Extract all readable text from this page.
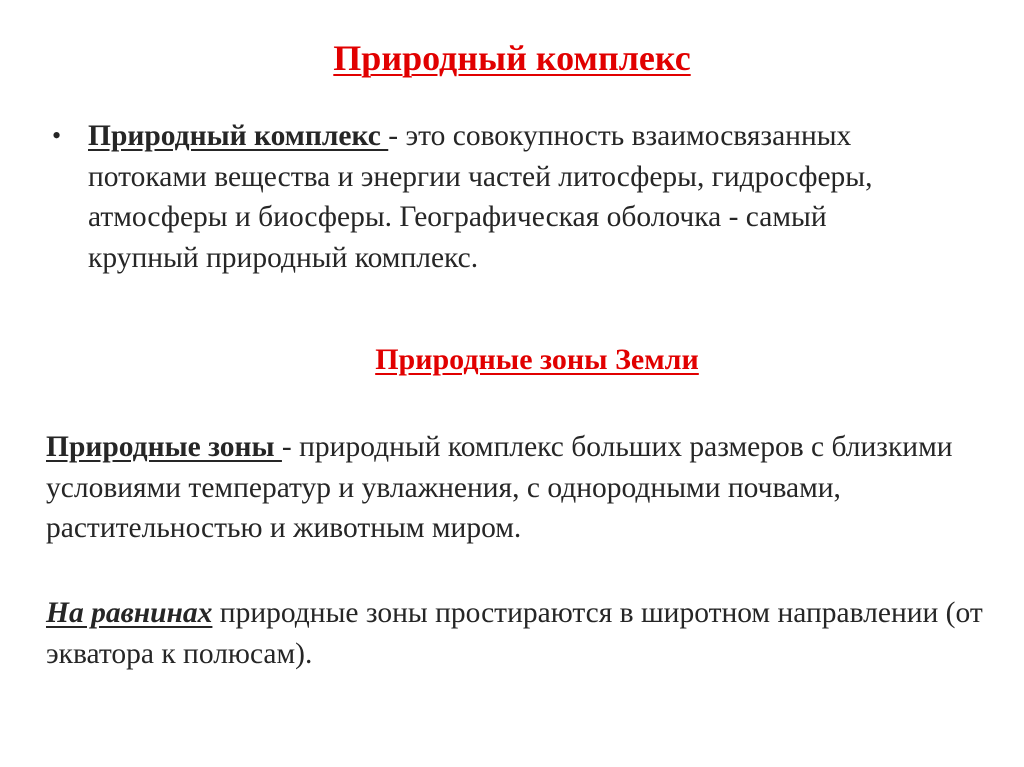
Природный комплекс
• Природный комплекс - это совокупность взаимосвязанных потоками вещества и энергии частей литосферы, гидросферы, атмосферы и биосферы. Географическая оболочка - самый крупный природный комплекс.
Природные зоны Земли
Природные зоны - природный комплекс больших размеров с близкими условиями температур и увлажнения, с однородными почвами, растительностью и животным миром.
На равнинах природные зоны простираются в широтном направлении (от экватора к полюсам).
